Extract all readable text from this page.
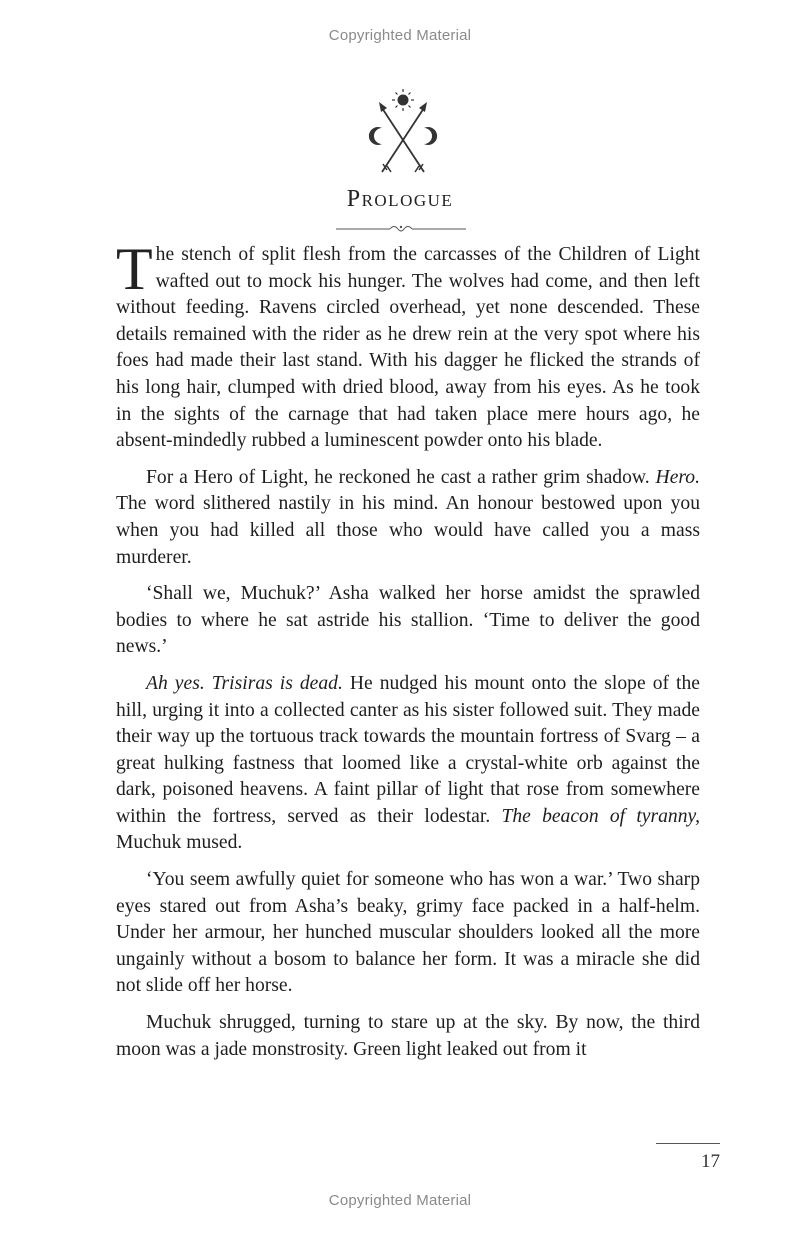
Copyrighted Material
PROLOGUE

The stench of split flesh from the carcasses of the Children of Light wafted out to mock his hunger. The wolves had come, and then left without feeding. Ravens circled overhead, yet none descended. These details remained with the rider as he drew rein at the very spot where his foes had made their last stand. With his dagger he flicked the strands of his long hair, clumped with dried blood, away from his eyes. As he took in the sights of the carnage that had taken place mere hours ago, he absent-mindedly rubbed a luminescent powder onto his blade.

For a Hero of Light, he reckoned he cast a rather grim shadow. Hero. The word slithered nastily in his mind. An honour bestowed upon you when you had killed all those who would have called you a mass murderer.

‘Shall we, Muchuk?’ Asha walked her horse amidst the sprawled bodies to where he sat astride his stallion. ‘Time to deliver the good news.’

Ah yes. Trisiras is dead. He nudged his mount onto the slope of the hill, urging it into a collected canter as his sister followed suit. They made their way up the tortuous track towards the mountain fortress of Svarg – a great hulking fastness that loomed like a crystal-white orb against the dark, poisoned heavens. A faint pillar of light that rose from somewhere within the fortress, served as their lodestar. The beacon of tyranny, Muchuk mused.

‘You seem awfully quiet for someone who has won a war.’ Two sharp eyes stared out from Asha’s beaky, grimy face packed in a half-helm. Under her armour, her hunched muscular shoulders looked all the more ungainly without a bosom to balance her form. It was a miracle she did not slide off her horse.

Muchuk shrugged, turning to stare up at the sky. By now, the third moon was a jade monstrosity. Green light leaked out from it

17
Copyrighted Material
